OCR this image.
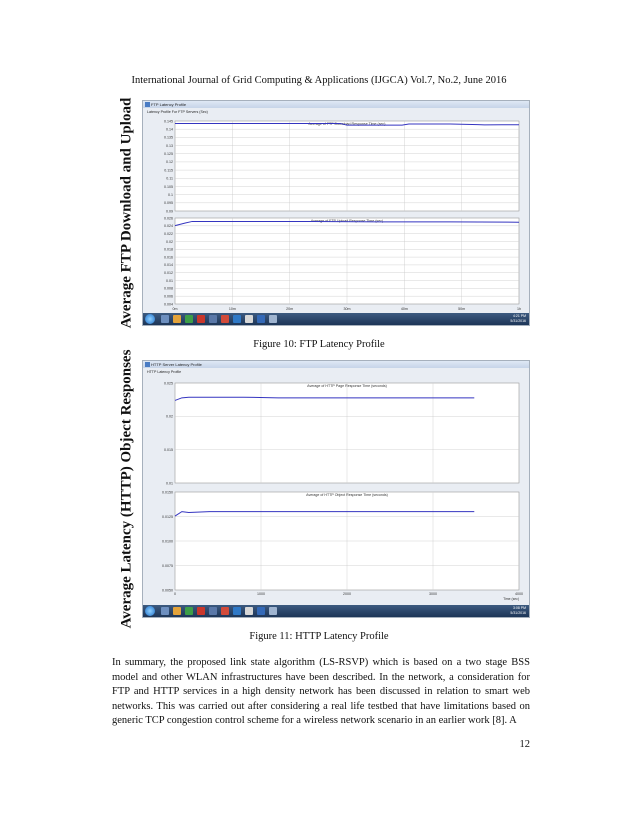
International Journal of Grid Computing & Applications (IJGCA) Vol.7, No.2, June 2016
Average FTP Download and Upload	FTP Latency Profile
Latency Profile For FTP Servers (Sec)
0.145
0.14
0.135
0.13
0.125
0.12
0.115
0.11
0.105
0.1
0.095
0.09
Average of FTP Download Response Time (sec)
0.026
0.024
0.022
0.02
0.018
0.016
0.014
0.012
0.01
0.008
0.006
0.004
Average of FTP Upload Response Time (sec)
0m	10m	20m	30m	40m	50m	1h
4:21 PM
5/31/2016
Figure 10: FTP Latency Profile
Average Latency (HTTP) Object Responses	HTTP Server Latency Profile
HTTP Latency Profile
0.025
0.02
0.015
0.01
Average of HTTP Page Response Time (seconds)
0.0150
0.0125
0.0100
0.0075
0.0050
Average of HTTP Object Response Time (seconds)
0	1000	2000	3000	4000
Time (sec)
3:08 PM
5/31/2016
Figure 11: HTTP Latency Profile
In summary, the proposed link state algorithm (LS-RSVP) which is based on a two stage BSS model and other WLAN infrastructures have been described. In the network, a consideration for FTP and HTTP services in a high density network has been discussed in relation to smart web networks. This was carried out after considering a real life testbed that have limitations based on generic TCP congestion control scheme for a wireless network scenario in an earlier work [8]. A
12
